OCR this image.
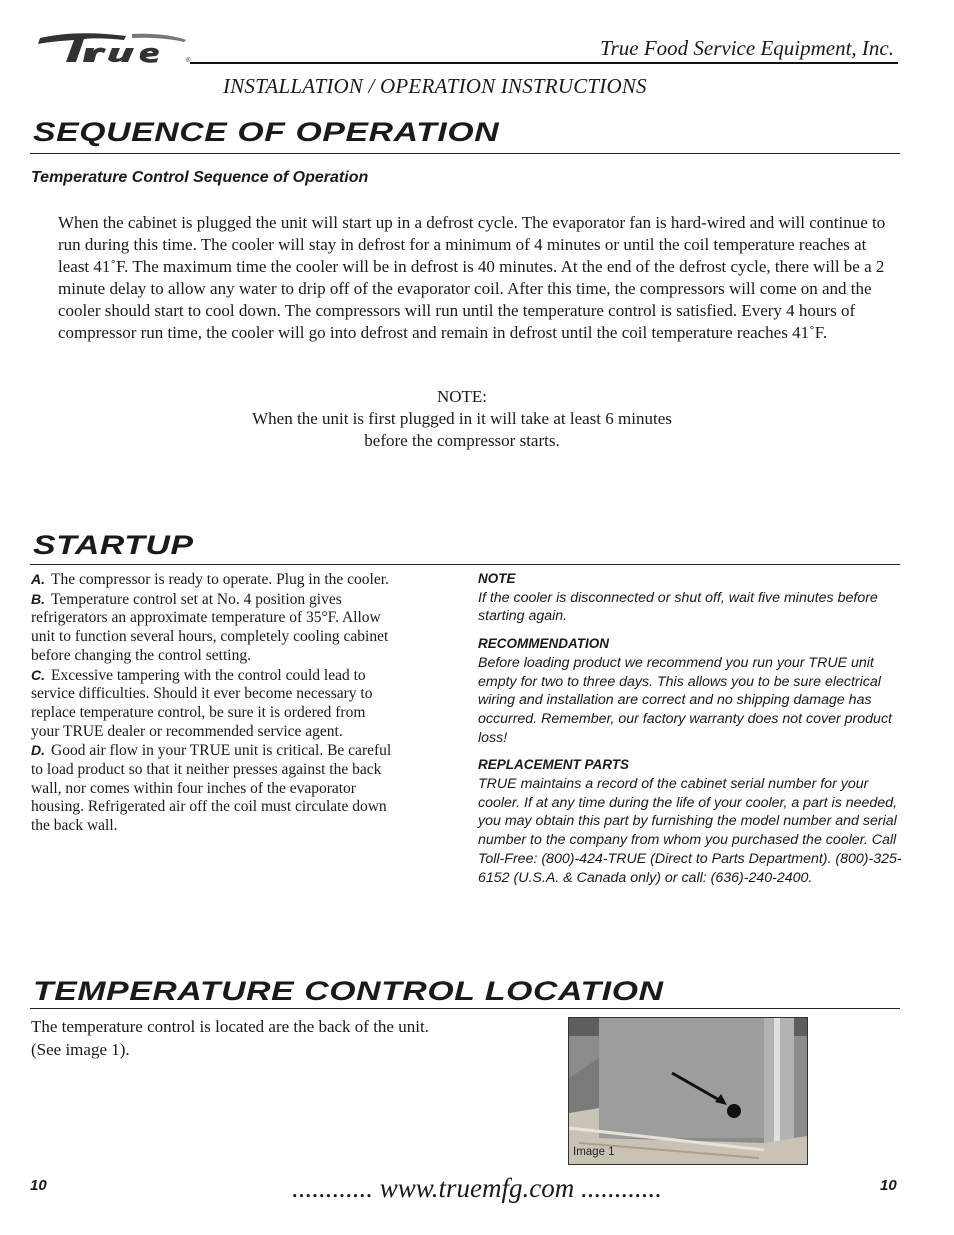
®
True Food Service Equipment, Inc.
INSTALLATION / OPERATION INSTRUCTIONS
SEQUENCE OF OPERATION
Temperature Control Sequence of Operation
When the cabinet is plugged the unit will start up in a defrost cycle. The evaporator fan is hard-wired and will continue to run during this time. The cooler will stay in defrost for a minimum of 4 minutes or until the coil temperature reaches at least 41˚F. The maximum time the cooler will be in defrost is 40 minutes. At the end of the defrost cycle, there will be a 2 minute delay to allow any water to drip off of the evaporator coil. After this time, the compressors will come on and the cooler should start to cool down. The compressors will run until the temperature control is satisfied. Every 4 hours of compressor run time, the cooler will go into defrost and remain in defrost until the coil temperature reaches 41˚F.
NOTE:
When the unit is first plugged in it will take at least 6 minutes
before the compressor starts.
STARTUP

A. The compressor is ready to operate. Plug in the cooler.

B. Temperature control set at No. 4 position gives refrigerators an approximate temperature of 35°F. Allow unit to function several hours, completely cooling cabinet before changing the control setting.

C. Excessive tampering with the control could lead to service difficulties. Should it ever become necessary to replace temperature control, be sure it is ordered from your TRUE dealer or recommended service agent.

D. Good air flow in your TRUE unit is critical. Be careful to load product so that it neither presses against the back wall, nor comes within four inches of the evaporator housing. Refrigerated air off the coil must circulate down the back wall.

NOTE
If the cooler is disconnected or shut off, wait five minutes before starting again.
RECOMMENDATION
Before loading product we recommend you run your TRUE unit empty for two to three days. This allows you to be sure electrical wiring and installation are correct and no shipping damage has occurred. Remember, our factory warranty does not cover product loss!
REPLACEMENT PARTS
TRUE maintains a record of the cabinet serial number for your cooler. If at any time during the life of your cooler, a part is needed, you may obtain this part by furnishing the model number and serial number to the company from whom you purchased the cooler. Call Toll-Free: (800)-424-TRUE (Direct to Parts Department). (800)-325-6152 (U.S.A. & Canada only) or call: (636)-240-2400.
TEMPERATURE CONTROL LOCATION
The temperature control is located are the back of the unit. (See image 1).
Image 1
10	............ www.truemfg.com ............	10
